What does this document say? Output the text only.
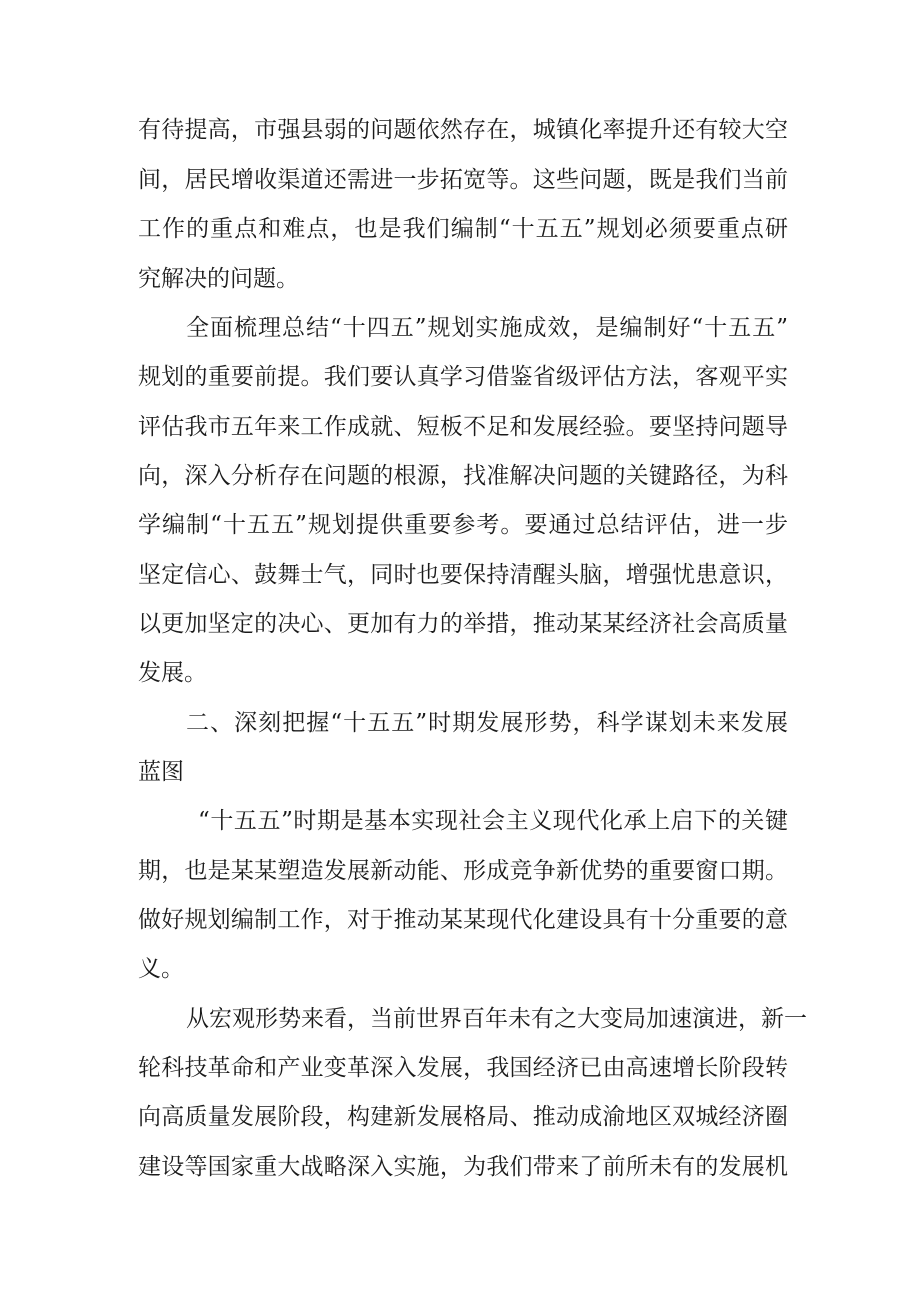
有待提高，市强县弱的问题依然存在，城镇化率提升还有较大空

间，居民增收渠道还需进一步拓宽等。这些问题，既是我们当前

工作的重点和难点，也是我们编制“十五五”规划必须要重点研

究解决的问题。

全面梳理总结“十四五”规划实施成效，是编制好“十五五”

规划的重要前提。我们要认真学习借鉴省级评估方法，客观平实

评估我市五年来工作成就、短板不足和发展经验。要坚持问题导

向，深入分析存在问题的根源，找准解决问题的关键路径，为科

学编制“十五五”规划提供重要参考。要通过总结评估，进一步

坚定信心、鼓舞士气，同时也要保持清醒头脑，增强忧患意识，

以更加坚定的决心、更加有力的举措，推动某某经济社会高质量

发展。

二、深刻把握“十五五”时期发展形势，科学谋划未来发展

蓝图

“十五五”时期是基本实现社会主义现代化承上启下的关键

期，也是某某塑造发展新动能、形成竞争新优势的重要窗口期。

做好规划编制工作，对于推动某某现代化建设具有十分重要的意

义。

从宏观形势来看，当前世界百年未有之大变局加速演进，新一

轮科技革命和产业变革深入发展，我国经济已由高速增长阶段转

向高质量发展阶段，构建新发展格局、推动成渝地区双城经济圈

建设等国家重大战略深入实施，为我们带来了前所未有的发展机
